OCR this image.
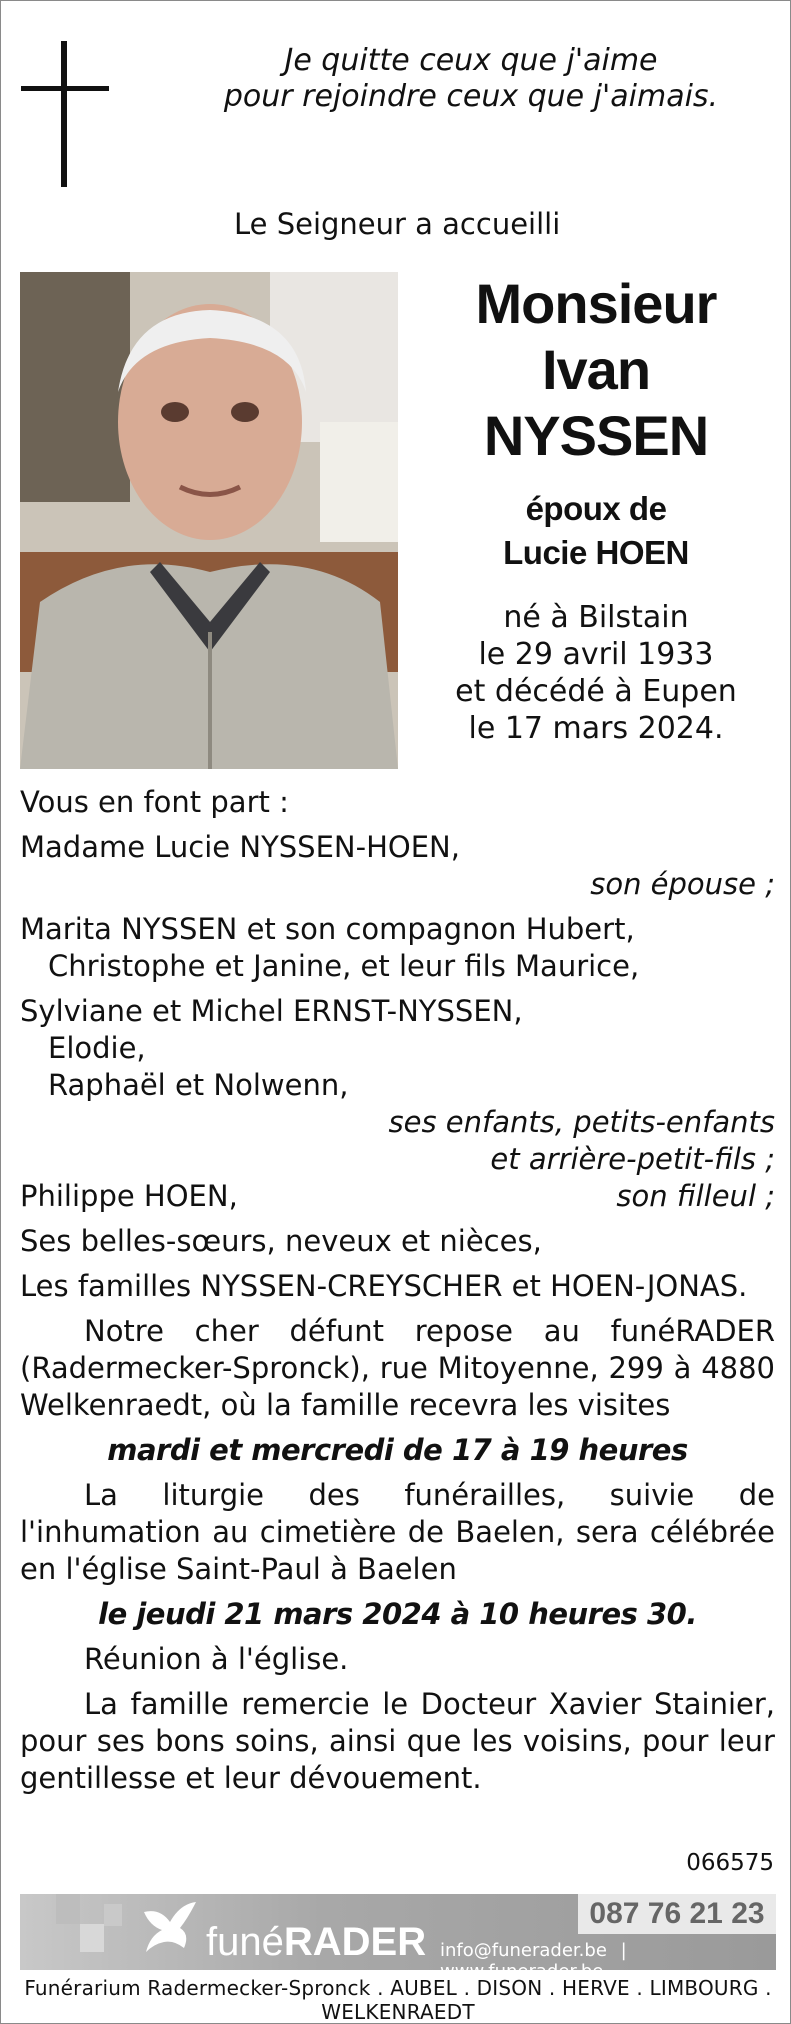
Je quitte ceux que j'aime
pour rejoindre ceux que j'aimais.
Le Seigneur a accueilli
Monsieur
Ivan
NYSSEN
époux de
Lucie HOEN
né à Bilstain
le 29 avril 1933
et décédé à Eupen
le 17 mars 2024.

Vous en font part :

Madame Lucie NYSSEN-HOEN,

son épouse ;

Marita NYSSEN et son compagnon Hubert,

Christophe et Janine, et leur fils Maurice,

Sylviane et Michel ERNST-NYSSEN,

Elodie,

Raphaël et Nolwenn,

ses enfants, petits-enfants

et arrière-petit-fils ;

Philippe HOEN,	son filleul ;

Ses belles-sœurs, neveux et nièces,

Les familles NYSSEN-CREYSCHER et HOEN-JONAS.

Notre cher défunt repose au funéRADER (Radermecker-Spronck), rue Mitoyenne, 299 à 4880 Welkenraedt, où la famille recevra les visites

mardi et mercredi de 17 à 19 heures

La liturgie des funérailles, suivie de l'inhumation au cimetière de Baelen, sera célébrée en l'église Saint-Paul à Baelen

le jeudi 21 mars 2024 à 10 heures 30.

Réunion à l'église.

La famille remercie le Docteur Xavier Stainier, pour ses bons soins, ainsi que les voisins, pour leur gentillesse et leur dévouement.

066575
funéRADER
087 76 21 23
info@funerader.be | www.funerader.be
Funérarium Radermecker-Spronck . AUBEL . DISON . HERVE . LIMBOURG . WELKENRAEDT
